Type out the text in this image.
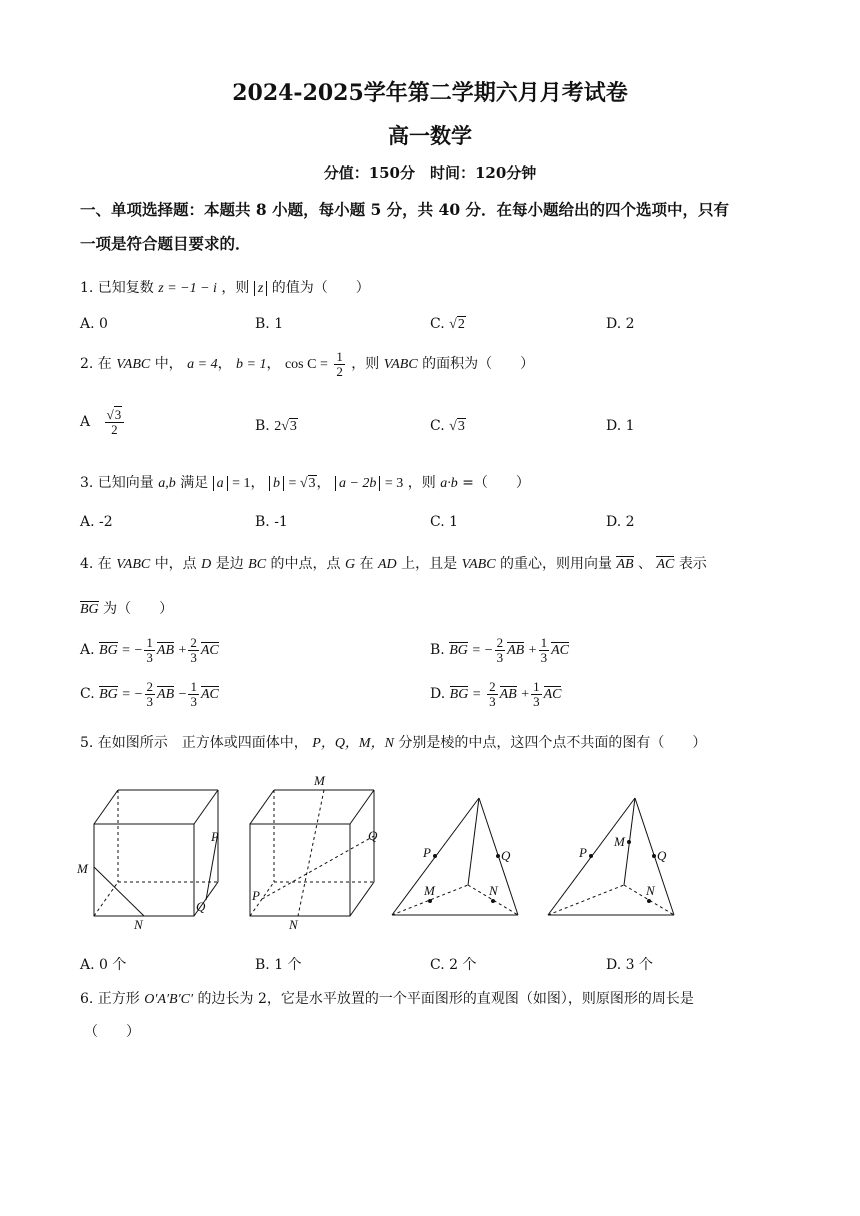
2024-2025学年第二学期六月月考试卷
高一数学
分值：150分　时间：120分钟
一、单项选择题：本题共 8 小题，每小题 5 分，共 40 分．在每小题给出的四个选项中，只有
一项是符合题目要求的．
1. 已知复数 z = −1 − i ，则 z 的值为（　　）
A. 0	B. 1	C. √2	D. 2
2. 在 VABC 中， a = 4， b = 1， $\cos C = \frac{1}{2}$ ，则 VABC 的面积为（　　）
A $\frac{√3}{2}$	B. 2√3	C. √3	D. 1
3. 已知向量 a,b 满足 a = 1， b = √3， a − 2b = 3 ，则 a·b =（　　）
A. -2	B. -1	C. 1	D. 2
4. 在 VABC 中，点 D 是边 BC 的中点，点 G 在 AD 上，且是 VABC 的重心，则用向量 AB 、 AC 表示
BG 为（　　）
A. BG = − $\frac{1}{3}$ AB + $\frac{2}{3}$ AC	B. BG = − $\frac{2}{3}$ AB + $\frac{1}{3}$ AC
C. BG = − $\frac{2}{3}$ AB − $\frac{1}{3}$ AC	D. BG = $\frac{2}{3}$ AB + $\frac{1}{3}$ AC
5. 在如图所示　正方体或四面体中， P，Q，M，N 分别是棱的中点，这四个点不共面的图有（　　）
M
N
P
Q
M
N
P
Q
P	Q
M	N
P	Q
M
N
A. 0 个	B. 1 个	C. 2 个	D. 3 个
6. 正方形 O′A′B′C′ 的边长为 2，它是水平放置的一个平面图形的直观图（如图），则原图形的周长是
（　　）
